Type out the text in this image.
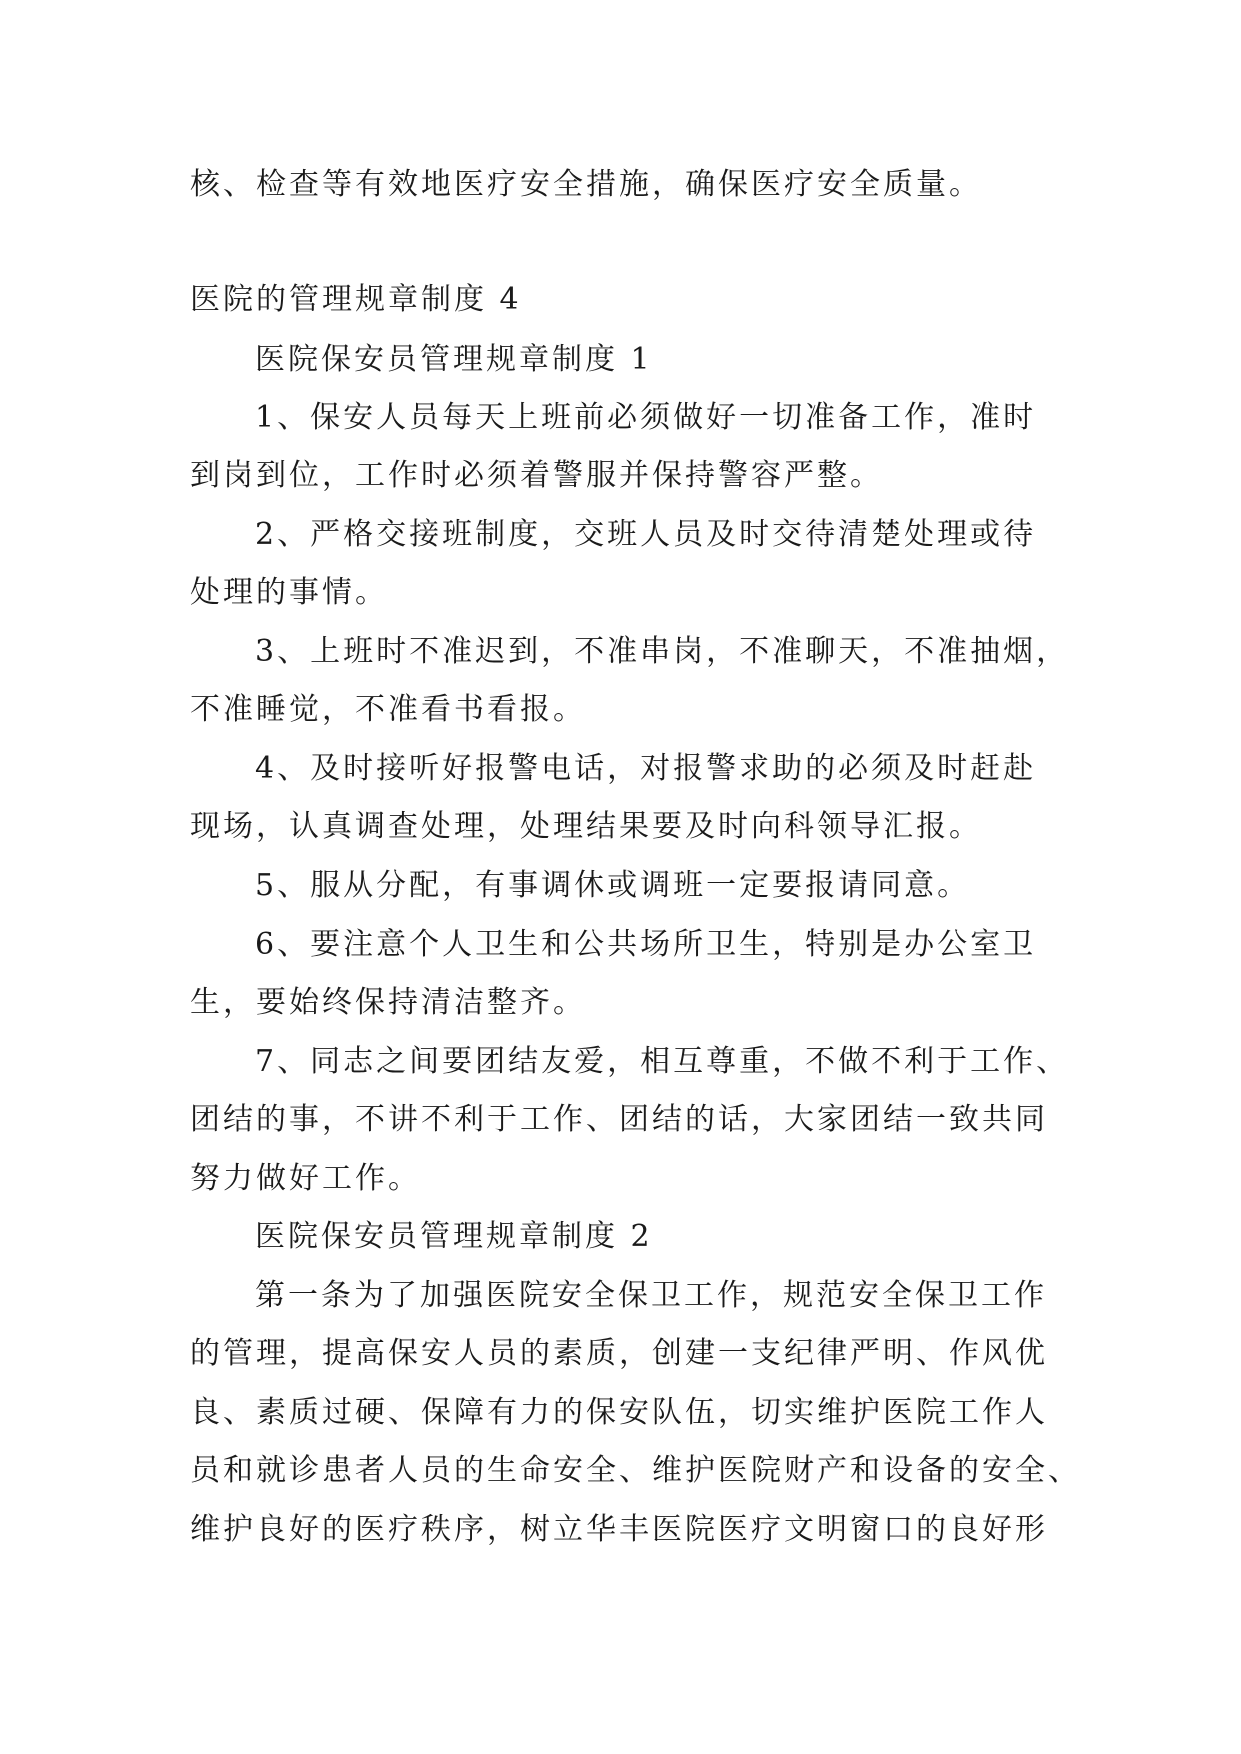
核、检查等有效地医疗安全措施，确保医疗安全质量。
医院的管理规章制度 4
医院保安员管理规章制度 1
1、保安人员每天上班前必须做好一切准备工作，准时
到岗到位，工作时必须着警服并保持警容严整。
2、严格交接班制度，交班人员及时交待清楚处理或待
处理的事情。
3、上班时不准迟到，不准串岗，不准聊天，不准抽烟，
不准睡觉，不准看书看报。
4、及时接听好报警电话，对报警求助的必须及时赶赴
现场，认真调查处理，处理结果要及时向科领导汇报。
5、服从分配，有事调休或调班一定要报请同意。
6、要注意个人卫生和公共场所卫生，特别是办公室卫
生，要始终保持清洁整齐。
7、同志之间要团结友爱，相互尊重，不做不利于工作、
团结的事，不讲不利于工作、团结的话，大家团结一致共同
努力做好工作。
医院保安员管理规章制度 2
第一条为了加强医院安全保卫工作，规范安全保卫工作
的管理，提高保安人员的素质，创建一支纪律严明、作风优
良、素质过硬、保障有力的保安队伍，切实维护医院工作人
员和就诊患者人员的生命安全、维护医院财产和设备的安全、
维护良好的医疗秩序，树立华丰医院医疗文明窗口的良好形
